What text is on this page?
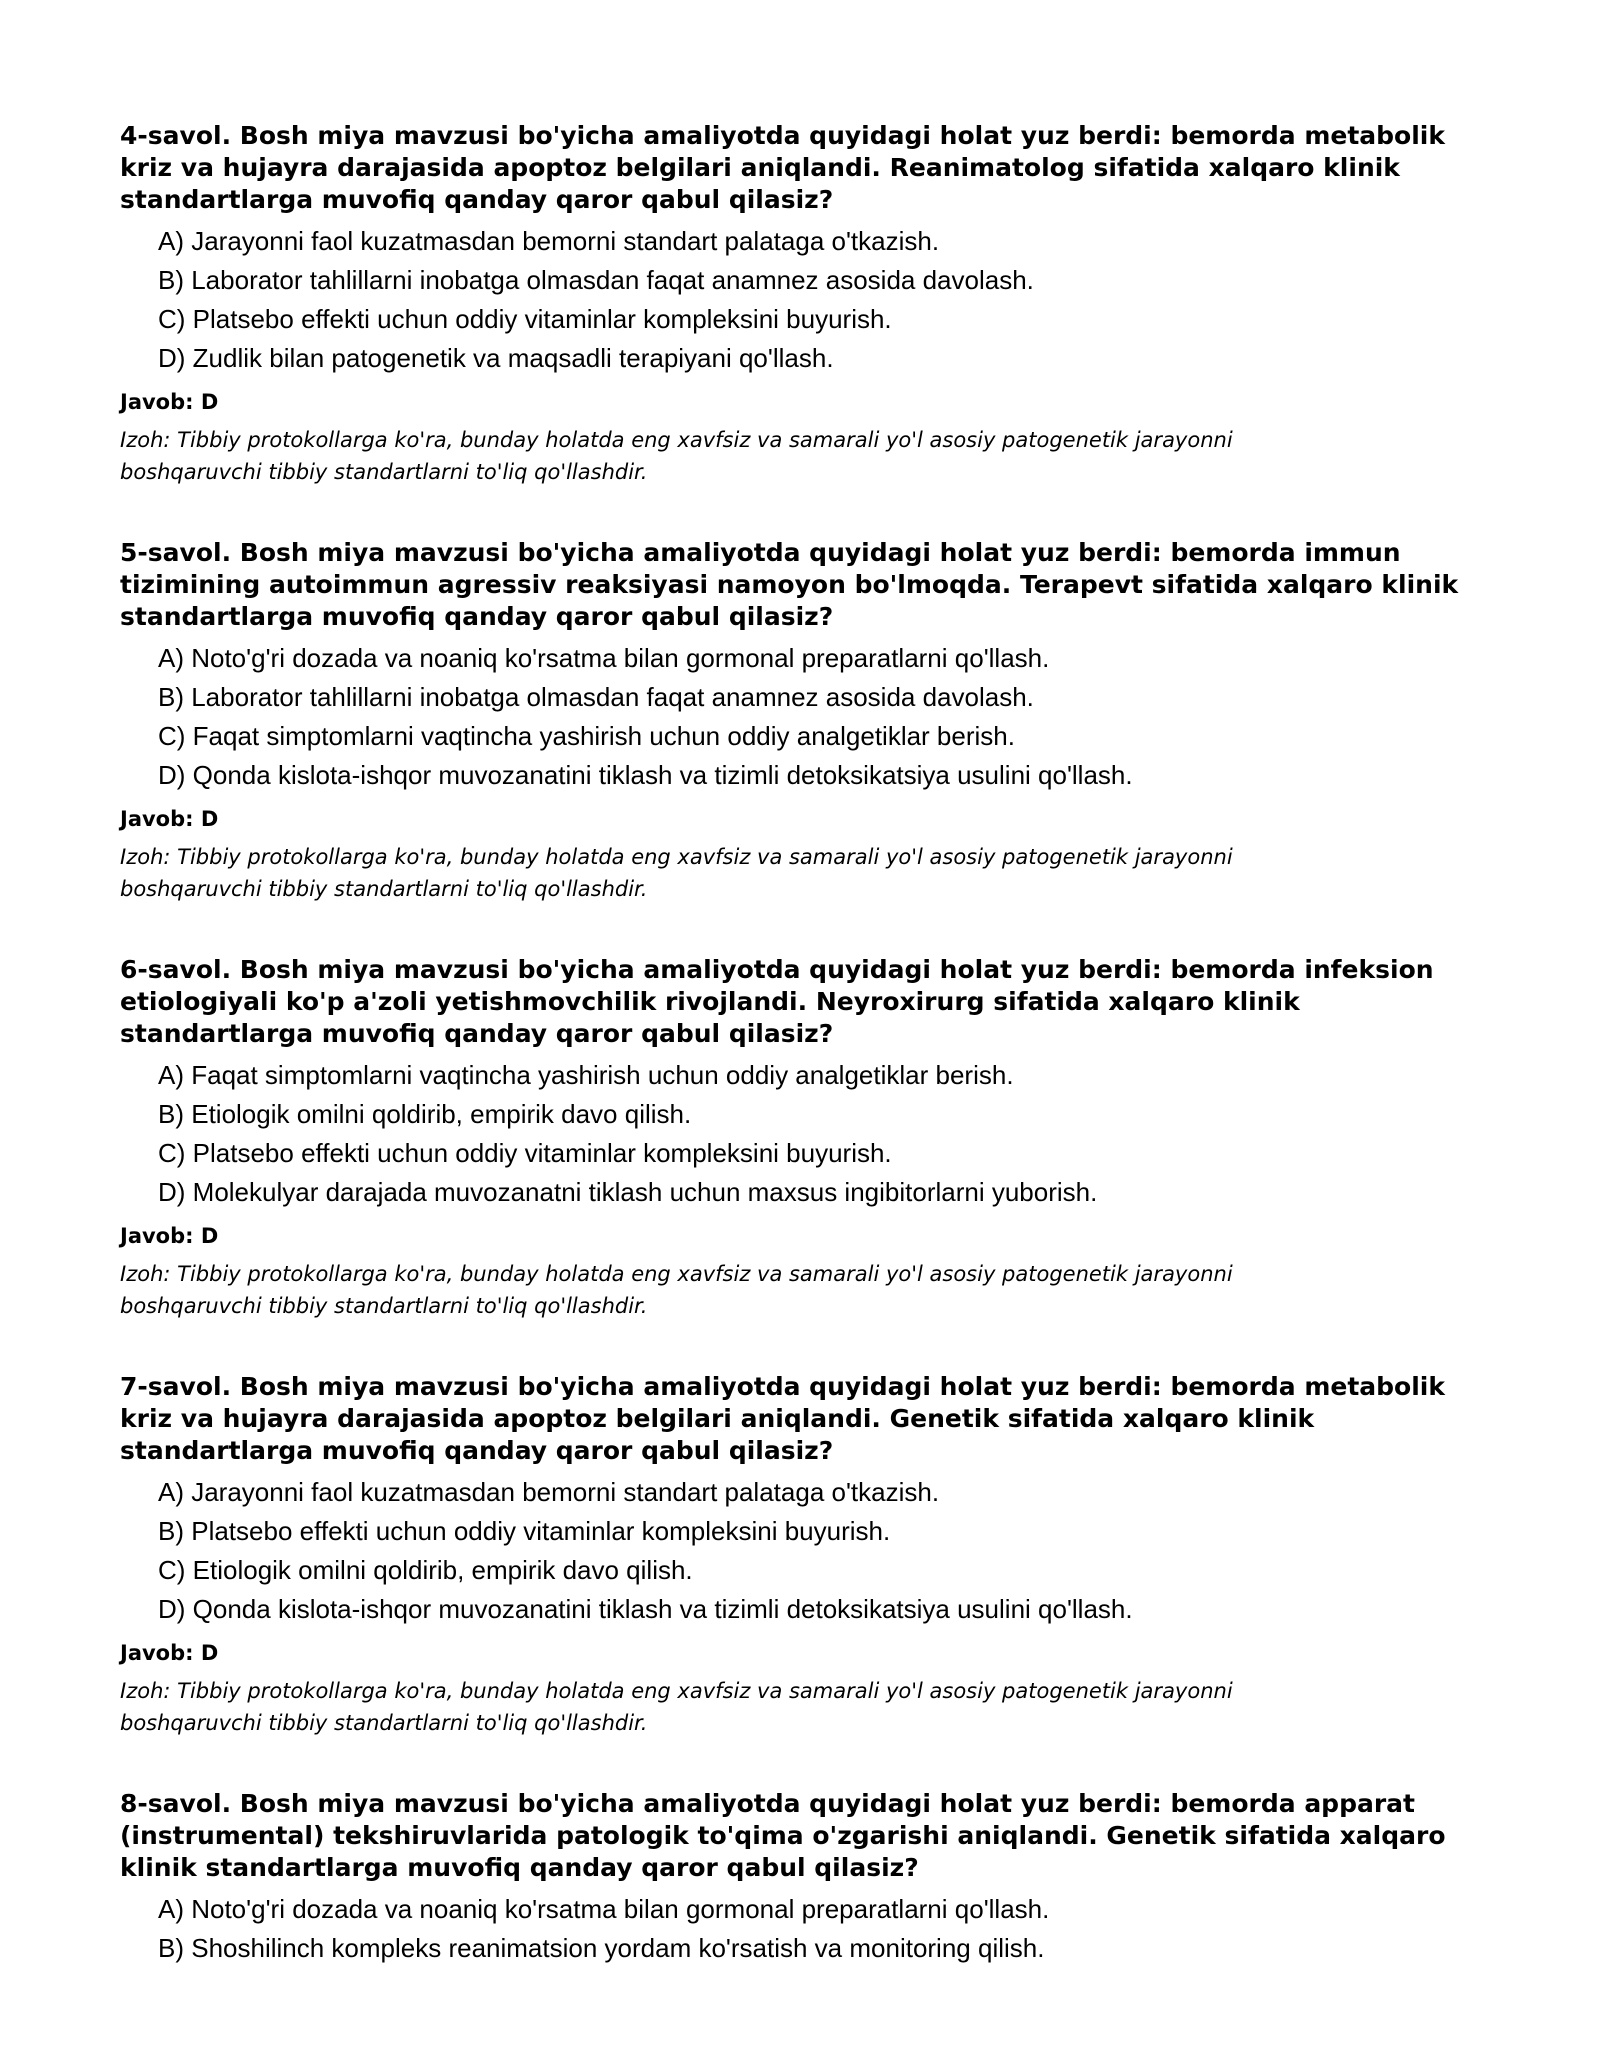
4-savol. Bosh miya mavzusi bo'yicha amaliyotda quyidagi holat yuz berdi: bemorda metabolik kriz va hujayra darajasida apoptoz belgilari aniqlandi. Reanimatolog sifatida xalqaro klinik standartlarga muvofiq qanday qaror qabul qilasiz?

A) Jarayonni faol kuzatmasdan bemorni standart palataga o'tkazish.
B) Laborator tahlillarni inobatga olmasdan faqat anamnez asosida davolash.
C) Platsebo effekti uchun oddiy vitaminlar kompleksini buyurish.
D) Zudlik bilan patogenetik va maqsadli terapiyani qo'llash.

Javob: D

Izoh: Tibbiy protokollarga ko'ra, bunday holatda eng xavfsiz va samarali yo'l asosiy patogenetik jarayonni boshqaruvchi tibbiy standartlarni to'liq qo'llashdir.

5-savol. Bosh miya mavzusi bo'yicha amaliyotda quyidagi holat yuz berdi: bemorda immun tizimining autoimmun agressiv reaksiyasi namoyon bo'lmoqda. Terapevt sifatida xalqaro klinik standartlarga muvofiq qanday qaror qabul qilasiz?

A) Noto'g'ri dozada va noaniq ko'rsatma bilan gormonal preparatlarni qo'llash.
B) Laborator tahlillarni inobatga olmasdan faqat anamnez asosida davolash.
C) Faqat simptomlarni vaqtincha yashirish uchun oddiy analgetiklar berish.
D) Qonda kislota-ishqor muvozanatini tiklash va tizimli detoksikatsiya usulini qo'llash.

Javob: D

Izoh: Tibbiy protokollarga ko'ra, bunday holatda eng xavfsiz va samarali yo'l asosiy patogenetik jarayonni boshqaruvchi tibbiy standartlarni to'liq qo'llashdir.

6-savol. Bosh miya mavzusi bo'yicha amaliyotda quyidagi holat yuz berdi: bemorda infeksion etiologiyali ko'p a'zoli yetishmovchilik rivojlandi. Neyroxirurg sifatida xalqaro klinik standartlarga muvofiq qanday qaror qabul qilasiz?

A) Faqat simptomlarni vaqtincha yashirish uchun oddiy analgetiklar berish.
B) Etiologik omilni qoldirib, empirik davo qilish.
C) Platsebo effekti uchun oddiy vitaminlar kompleksini buyurish.
D) Molekulyar darajada muvozanatni tiklash uchun maxsus ingibitorlarni yuborish.

Javob: D

Izoh: Tibbiy protokollarga ko'ra, bunday holatda eng xavfsiz va samarali yo'l asosiy patogenetik jarayonni boshqaruvchi tibbiy standartlarni to'liq qo'llashdir.

7-savol. Bosh miya mavzusi bo'yicha amaliyotda quyidagi holat yuz berdi: bemorda metabolik kriz va hujayra darajasida apoptoz belgilari aniqlandi. Genetik sifatida xalqaro klinik standartlarga muvofiq qanday qaror qabul qilasiz?

A) Jarayonni faol kuzatmasdan bemorni standart palataga o'tkazish.
B) Platsebo effekti uchun oddiy vitaminlar kompleksini buyurish.
C) Etiologik omilni qoldirib, empirik davo qilish.
D) Qonda kislota-ishqor muvozanatini tiklash va tizimli detoksikatsiya usulini qo'llash.

Javob: D

Izoh: Tibbiy protokollarga ko'ra, bunday holatda eng xavfsiz va samarali yo'l asosiy patogenetik jarayonni boshqaruvchi tibbiy standartlarni to'liq qo'llashdir.

8-savol. Bosh miya mavzusi bo'yicha amaliyotda quyidagi holat yuz berdi: bemorda apparat (instrumental) tekshiruvlarida patologik to'qima o'zgarishi aniqlandi. Genetik sifatida xalqaro klinik standartlarga muvofiq qanday qaror qabul qilasiz?

A) Noto'g'ri dozada va noaniq ko'rsatma bilan gormonal preparatlarni qo'llash.
B) Shoshilinch kompleks reanimatsion yordam ko'rsatish va monitoring qilish.
